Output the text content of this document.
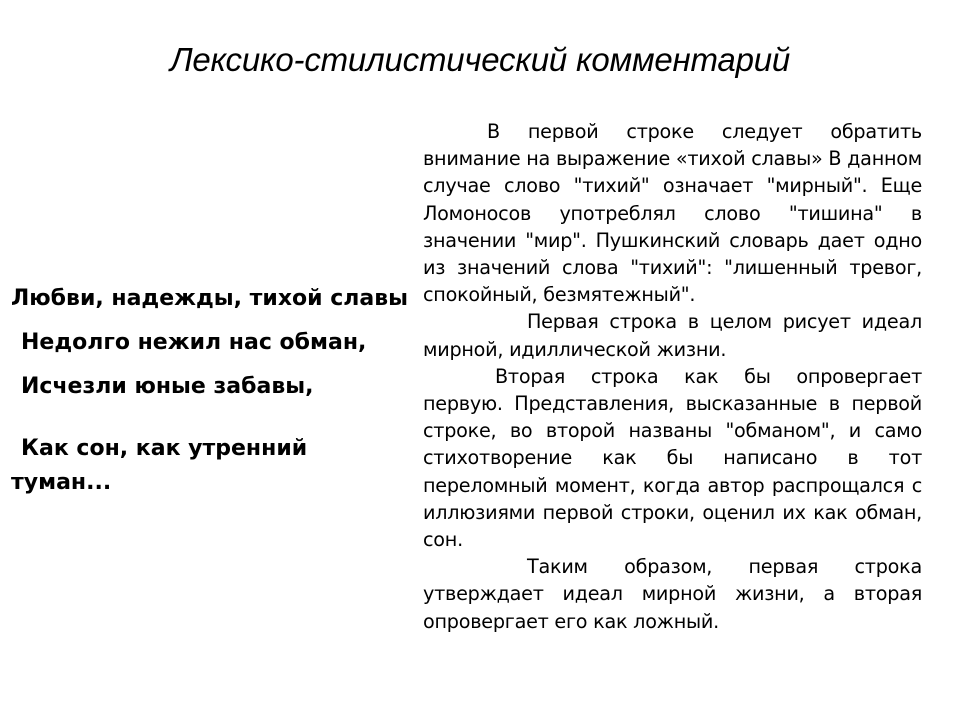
Лексико-стилистический комментарий
Любви, надежды, тихой славы
Недолго нежил нас обман,
Исчезли юные забавы,
Как сон, как утренний туман...

В первой строке следует обратить внимание на выражение «тихой славы» В данном случае слово "тихий" означает "мирный". Еще Ломоносов употреблял слово "тишина" в значении "мир". Пушкинский словарь дает одно из значений слова "тихий": "лишенный тревог, спокойный, безмятежный".

Первая строка в целом рисует идеал мирной, идиллической жизни.

Вторая строка как бы опровергает первую. Представления, высказанные в первой строке, во второй названы "обманом", и само стихотворение как бы написано в тот переломный момент, когда автор распрощался с иллюзиями первой строки, оценил их как обман, сон.

Таким образом, первая строка утверждает идеал мирной жизни, а вторая опровергает его как ложный.
